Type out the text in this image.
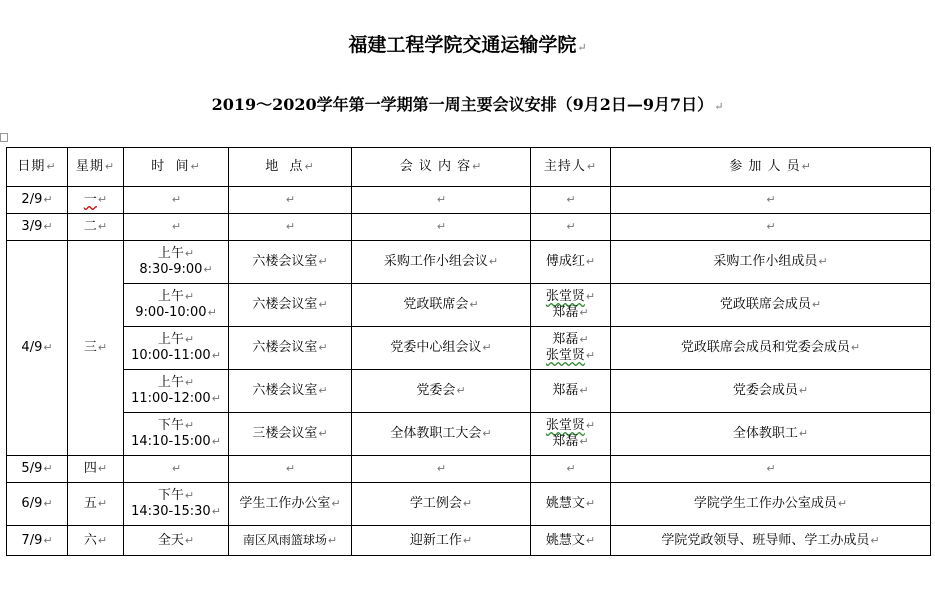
福建工程学院交通运输学院↵
2019～2020学年第一学期第一周主要会议安排（9月2日—9月7日）↵
日期↵	星期↵	时  间↵	地  点↵	会 议 内 容↵	主持人↵	参 加 人 员↵
2/9↵	一↵	↵	↵	↵	↵	↵
3/9↵	二↵	↵	↵	↵	↵	↵
4/9↵	三↵	上午↵
8:30-9:00↵	六楼会议室↵	采购工作小组会议↵	傅成红↵	采购工作小组成员↵
		上午↵
9:00-10:00↵	六楼会议室↵	党政联席会↵	张堂贤↵
郑磊↵	党政联席会成员↵
		上午↵
10:00-11:00↵	六楼会议室↵	党委中心组会议↵	郑磊↵
张堂贤↵	党政联席会成员和党委会成员↵
		上午↵
11:00-12:00↵	六楼会议室↵	党委会↵	郑磊↵	党委会成员↵
		下午↵
14:10-15:00↵	三楼会议室↵	全体教职工大会↵	张堂贤↵
郑磊↵	全体教职工↵
5/9↵	四↵	↵	↵	↵	↵	↵
6/9↵	五↵	下午↵
14:30-15:30↵	学生工作办公室↵	学工例会↵	姚慧文↵	学院学生工作办公室成员↵
7/9↵	六↵	全天↵	南区风雨篮球场↵	迎新工作↵	姚慧文↵	学院党政领导、班导师、学工办成员↵
